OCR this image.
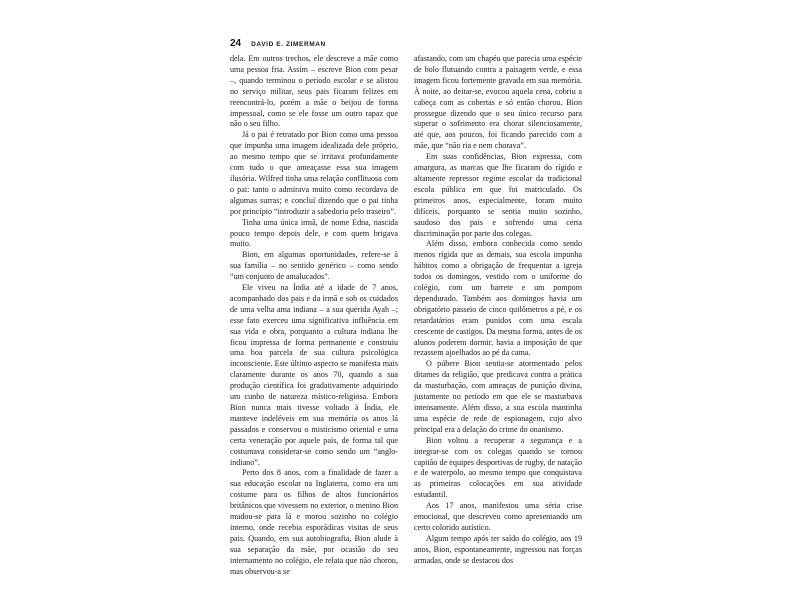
24 DAVID E. ZIMERMAN

dela. Em outros trechos, ele descreve a mãe como uma pessoa fria. Assim – escreve Bion com pesar –, quando terminou o período escolar e se alistou no serviço militar, seus pais ficaram felizes em reencontrá-lo, porém a mãe o beijou de forma impessoal, como se ele fosse um outro rapaz que não o seu filho.

Já o pai é retratado por Bion como uma pessoa que impunha uma imagem idealizada dele próprio, ao mesmo tempo que se irritava profundamente com tudo o que ameaçasse essa sua imagem ilusória. Wilfred tinha uma relação conflituosa com o pai: tanto o admirava muito como recordava de algumas surras; e concluí dizendo que o pai tinha por princípio “introduzir a sabedoria pelo traseiro”.

Tinha uma única irmã, de nome Edna, nascida pouco tempo depois dele, e com quem brigava muito.

Bion, em algumas oportunidades, refere-se à sua família – no sentido genérico – como sendo “um conjunto de amalucados”.

Ele viveu na Índia até a idade de 7 anos, acompanhado dos pais e da irmã e sob os cuidados de uma velha ama indiana – a sua querida Ayah –; esse fato exerceu uma significativa influência em sua vida e obra, porquanto a cultura indiana lhe ficou impressa de forma permanente e construiu uma boa parcela de sua cultura psicológica inconsciente. Este último aspecto se manifesta mais claramente durante os anos 70, quando a sua produção científica foi gradativamente adquirindo um cunho de natureza místico-religiosa. Embora Bion nunca mais tivesse voltado à Índia, ele manteve indeléveis em sua memória os anos lá passados e conservou o misticismo oriental e uma certa veneração por aquele país, de forma tal que costumava considerar-se como sendo um “anglo-indiano”.

Perto dos 8 anos, com a finalidade de fazer a sua educação escolar na Inglaterra, como era um costume para os filhos de altos funcionários britânicos que vivessem no exterior, o menino Bion mudou-se para lá e morou sozinho no colégio interno, onde recebia esporádicas visitas de seus pais. Quando, em sua autobiografia, Bion alude à sua separação da mãe, por ocasião do seu internamento no colégio, ele relata que não chorou, mas observou-a se

afastando, com um chapéu que parecia uma espécie de bolo flutuando contra a paisagem verde, e essa imagem ficou fortemente gravada em sua memória. À noite, ao deitar-se, evocou aquela cena, cobriu a cabeça com as cobertas e só então chorou. Bion prossegue dizendo que o seu único recurso para superar o sofrimento era chorar silenciosamente, até que, aos poucos, foi ficando parecido com a mãe, que “não ria e nem chorava”.

Em suas confidências, Bion expressa, com amargura, as marcas que lhe ficaram do rígido e altamente repressor regime escolar da tradicional escola pública em que foi matriculado. Os primeiros anos, especialmente, foram muito difíceis, porquanto se sentia muito sozinho, saudoso dos pais e sofrendo uma certa discriminação por parte dos colegas.

Além disso, embora conhecida como sendo menos rígida que as demais, sua escola impunha hábitos como a obrigação de frequentar a igreja todos os domingos, vestido com o uniforme do colégio, com um barrete e um pompom dependurado. Também aos domingos havia um obrigatório passeio de cinco quilômetros a pé, e os retardatários eram punidos com uma escala crescente de castigos. Da mesma forma, antes de os alunos poderem dormir, havia a imposição de que rezassem ajoelhados ao pé da cama.

O púbere Bion sentia-se atormentado pelos ditames da religião, que predicava contra a prática da masturbação, com ameaças de punição divina, justamente no período em que ele se masturbava intensamente. Além disso, a sua escola mantinha uma espécie de rede de espionagem, cujo alvo principal era a delação do crime do onanismo.

Bion voltou a recuperar a segurança e a integrar-se com os colegas quando se tornou capitão de equipes desportivas de rugby, de natação e de waterpolo, ao mesmo tempo que conquistava as primeiras colocações em sua atividade estudantil.

Aos 17 anos, manifestou uma séria crise emocional, que descreveu como apresentando um certo colorido autístico.

Algum tempo após ter saído do colégio, aos 19 anos, Bion, espontaneamente, ingressou nas forças armadas, onde se destacou dos
